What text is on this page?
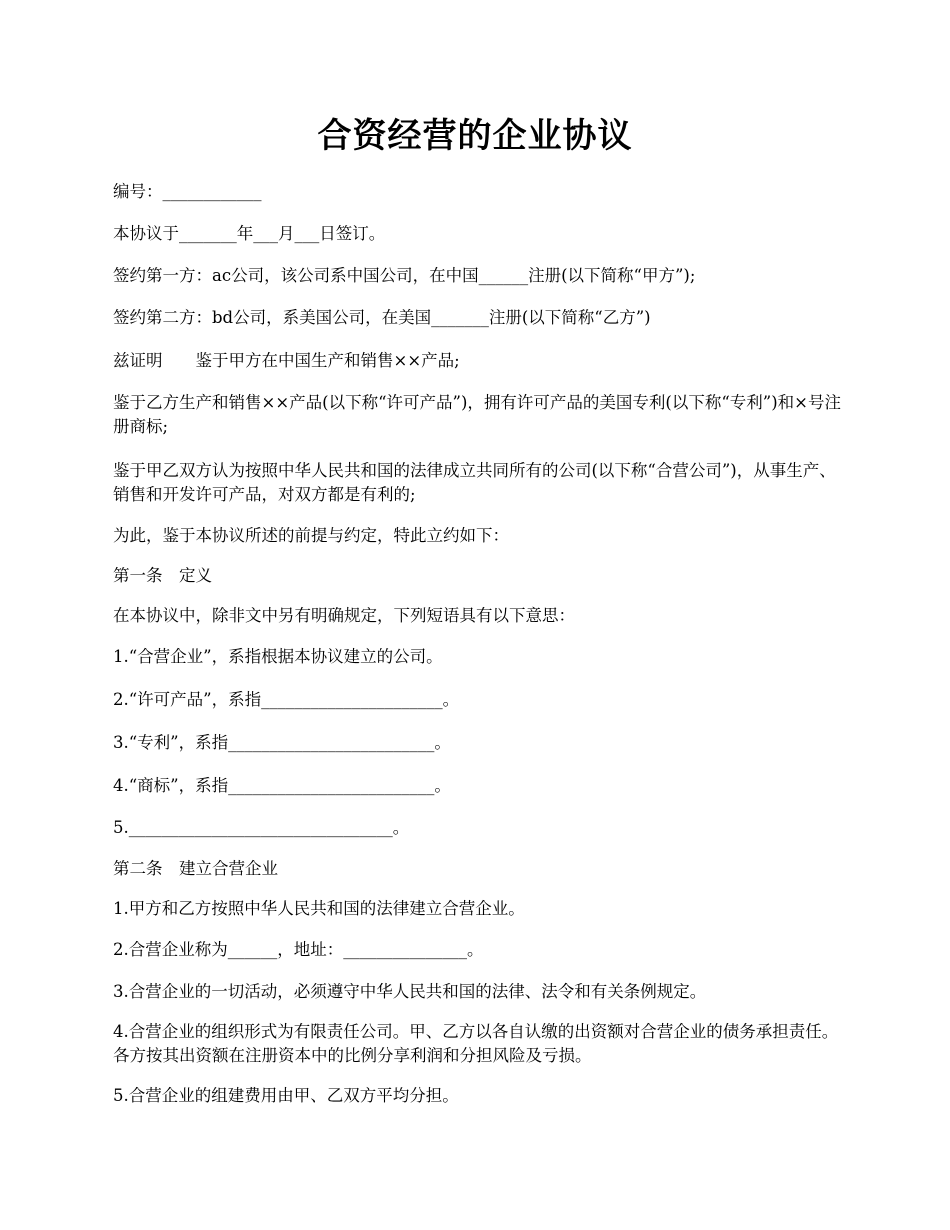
合资经营的企业协议
编号：____________
本协议于_______年___月___日签订。
签约第一方：ac公司，该公司系中国公司，在中国______注册(以下简称“甲方”);
签约第二方：bd公司，系美国公司，在美国_______注册(以下简称“乙方”)
兹证明　　鉴于甲方在中国生产和销售××产品;
鉴于乙方生产和销售××产品(以下称“许可产品”)，拥有许可产品的美国专利(以下称“专利”)和×号注册商标;
鉴于甲乙双方认为按照中华人民共和国的法律成立共同所有的公司(以下称“合营公司”)，从事生产、销售和开发许可产品，对双方都是有利的;
为此，鉴于本协议所述的前提与约定，特此立约如下：
第一条　定义
在本协议中，除非文中另有明确规定，下列短语具有以下意思：
1.“合营企业”，系指根据本协议建立的公司。
2.“许可产品”，系指______________________。
3.“专利”，系指_________________________。
4.“商标”，系指_________________________。
5.________________________________。
第二条　建立合营企业
1.甲方和乙方按照中华人民共和国的法律建立合营企业。
2.合营企业称为______，地址：_______________。
3.合营企业的一切活动，必须遵守中华人民共和国的法律、法令和有关条例规定。
4.合营企业的组织形式为有限责任公司。甲、乙方以各自认缴的出资额对合营企业的债务承担责任。各方按其出资额在注册资本中的比例分享利润和分担风险及亏损。
5.合营企业的组建费用由甲、乙双方平均分担。
